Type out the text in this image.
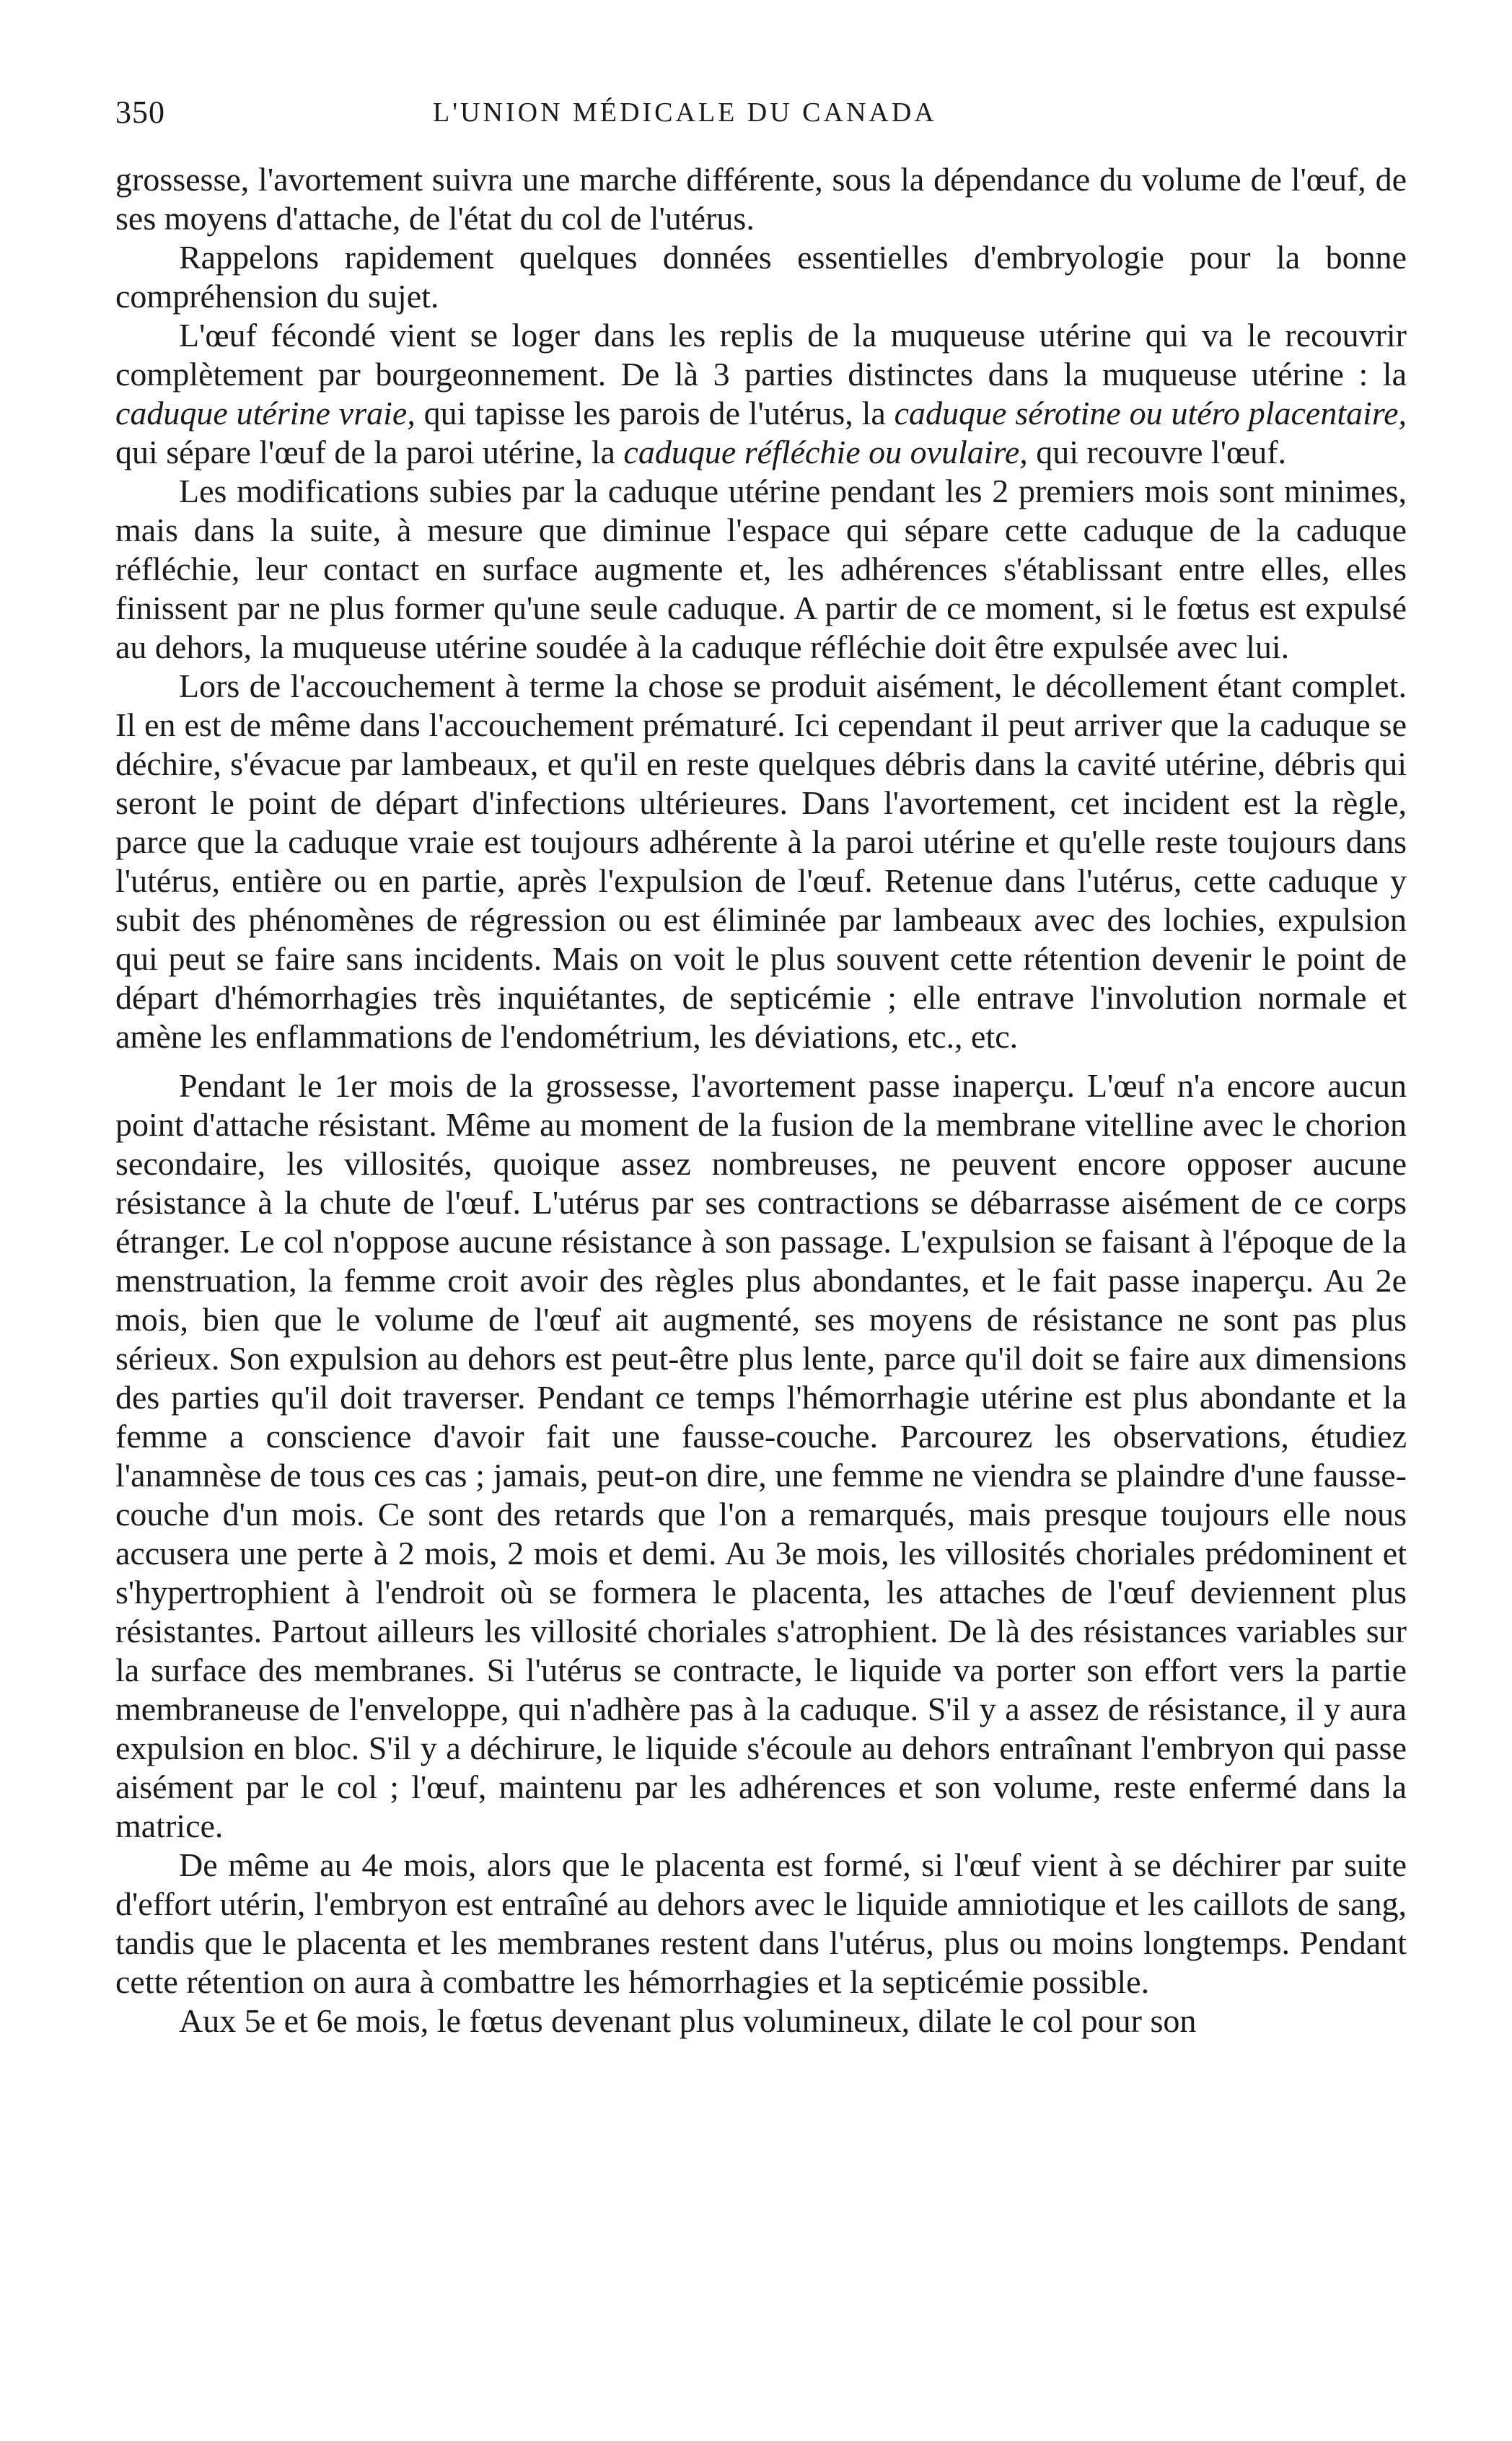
350	L'UNION MÉDICALE DU CANADA

grossesse, l'avortement suivra une marche différente, sous la dépendance du volume de l'œuf, de ses moyens d'attache, de l'état du col de l'utérus.

Rappelons rapidement quelques données essentielles d'embryologie pour la bonne compréhension du sujet.

L'œuf fécondé vient se loger dans les replis de la muqueuse utérine qui va le recouvrir complètement par bourgeonnement. De là 3 parties distinctes dans la muqueuse utérine : la caduque utérine vraie, qui tapisse les parois de l'utérus, la caduque sérotine ou utéro placentaire, qui sépare l'œuf de la paroi utérine, la caduque réfléchie ou ovulaire, qui recouvre l'œuf.

Les modifications subies par la caduque utérine pendant les 2 premiers mois sont minimes, mais dans la suite, à mesure que diminue l'espace qui sépare cette caduque de la caduque réfléchie, leur contact en surface augmente et, les adhérences s'établissant entre elles, elles finissent par ne plus former qu'une seule caduque. A partir de ce moment, si le fœtus est expulsé au dehors, la muqueuse utérine soudée à la caduque réfléchie doit être expulsée avec lui.

Lors de l'accouchement à terme la chose se produit aisément, le décollement étant complet. Il en est de même dans l'accouchement prématuré. Ici cependant il peut arriver que la caduque se déchire, s'évacue par lambeaux, et qu'il en reste quelques débris dans la cavité utérine, débris qui seront le point de départ d'infections ultérieures. Dans l'avortement, cet incident est la règle, parce que la caduque vraie est toujours adhérente à la paroi utérine et qu'elle reste toujours dans l'utérus, entière ou en partie, après l'expulsion de l'œuf. Retenue dans l'utérus, cette caduque y subit des phénomènes de régression ou est éliminée par lambeaux avec des lochies, expulsion qui peut se faire sans incidents. Mais on voit le plus souvent cette rétention devenir le point de départ d'hémorrhagies très inquiétantes, de septicémie ; elle entrave l'involution normale et amène les enflammations de l'endométrium, les déviations, etc., etc.

Pendant le 1er mois de la grossesse, l'avortement passe inaperçu. L'œuf n'a encore aucun point d'attache résistant. Même au moment de la fusion de la membrane vitelline avec le chorion secondaire, les villosités, quoique assez nombreuses, ne peuvent encore opposer aucune résistance à la chute de l'œuf. L'utérus par ses contractions se débarrasse aisément de ce corps étranger. Le col n'oppose aucune résistance à son passage. L'expulsion se faisant à l'époque de la menstruation, la femme croit avoir des règles plus abondantes, et le fait passe inaperçu. Au 2e mois, bien que le volume de l'œuf ait augmenté, ses moyens de résistance ne sont pas plus sérieux. Son expulsion au dehors est peut-être plus lente, parce qu'il doit se faire aux dimensions des parties qu'il doit traverser. Pendant ce temps l'hémorrhagie utérine est plus abondante et la femme a conscience d'avoir fait une fausse-couche. Parcourez les observations, étudiez l'anamnèse de tous ces cas ; jamais, peut-on dire, une femme ne viendra se plaindre d'une fausse-couche d'un mois. Ce sont des retards que l'on a remarqués, mais presque toujours elle nous accusera une perte à 2 mois, 2 mois et demi. Au 3e mois, les villosités choriales prédominent et s'hypertrophient à l'endroit où se formera le placenta, les attaches de l'œuf deviennent plus résistantes. Partout ailleurs les villosité choriales s'atrophient. De là des résistances variables sur la surface des membranes. Si l'utérus se contracte, le liquide va porter son effort vers la partie membraneuse de l'enveloppe, qui n'adhère pas à la caduque. S'il y a assez de résistance, il y aura expulsion en bloc. S'il y a déchirure, le liquide s'écoule au dehors entraînant l'embryon qui passe aisément par le col ; l'œuf, maintenu par les adhérences et son volume, reste enfermé dans la matrice.

De même au 4e mois, alors que le placenta est formé, si l'œuf vient à se déchirer par suite d'effort utérin, l'embryon est entraîné au dehors avec le liquide amniotique et les caillots de sang, tandis que le placenta et les membranes restent dans l'utérus, plus ou moins longtemps. Pendant cette rétention on aura à combattre les hémorrhagies et la septicémie possible.

Aux 5e et 6e mois, le fœtus devenant plus volumineux, dilate le col pour son
